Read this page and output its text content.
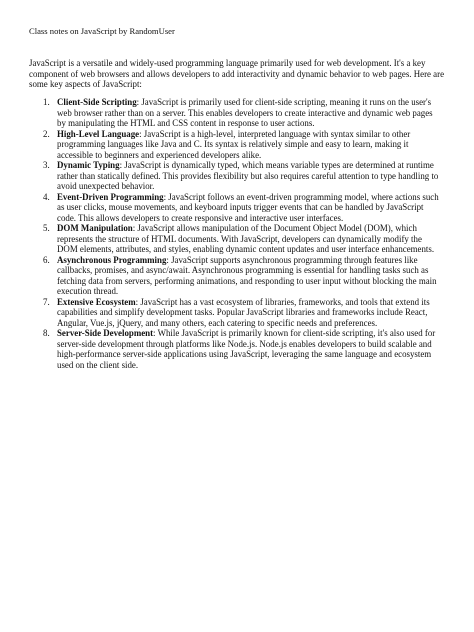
Class notes on JavaScript by RandomUser

JavaScript is a versatile and widely-used programming language primarily used for web development. It's a key component of web browsers and allows developers to add interactivity and dynamic behavior to web pages. Here are some key aspects of JavaScript:

1. Client-Side Scripting: JavaScript is primarily used for client-side scripting, meaning it runs on the user's web browser rather than on a server. This enables developers to create interactive and dynamic web pages by manipulating the HTML and CSS content in response to user actions.
2. High-Level Language: JavaScript is a high-level, interpreted language with syntax similar to other programming languages like Java and C. Its syntax is relatively simple and easy to learn, making it accessible to beginners and experienced developers alike.
3. Dynamic Typing: JavaScript is dynamically typed, which means variable types are determined at runtime rather than statically defined. This provides flexibility but also requires careful attention to type handling to avoid unexpected behavior.
4. Event-Driven Programming: JavaScript follows an event-driven programming model, where actions such as user clicks, mouse movements, and keyboard inputs trigger events that can be handled by JavaScript code. This allows developers to create responsive and interactive user interfaces.
5. DOM Manipulation: JavaScript allows manipulation of the Document Object Model (DOM), which represents the structure of HTML documents. With JavaScript, developers can dynamically modify the DOM elements, attributes, and styles, enabling dynamic content updates and user interface enhancements.
6. Asynchronous Programming: JavaScript supports asynchronous programming through features like callbacks, promises, and async/await. Asynchronous programming is essential for handling tasks such as fetching data from servers, performing animations, and responding to user input without blocking the main execution thread.
7. Extensive Ecosystem: JavaScript has a vast ecosystem of libraries, frameworks, and tools that extend its capabilities and simplify development tasks. Popular JavaScript libraries and frameworks include React, Angular, Vue.js, jQuery, and many others, each catering to specific needs and preferences.
8. Server-Side Development: While JavaScript is primarily known for client-side scripting, it's also used for server-side development through platforms like Node.js. Node.js enables developers to build scalable and high-performance server-side applications using JavaScript, leveraging the same language and ecosystem used on the client side.
